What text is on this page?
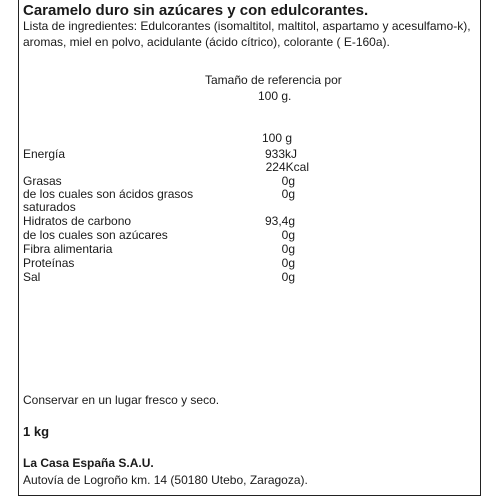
Caramelo duro sin azúcares y con edulcorantes.
Lista de ingredientes: Edulcorantes (isomaltitol, maltitol, aspartamo y acesulfamo-k), aromas, miel en polvo, acidulante (ácido cítrico), colorante ( E-160a).
Tamaño de referencia por
100 g.
100 g
Energía	933kJ
224Kcal
Grasas	0g
de los cuales son ácidos grasos	0g
saturados
Hidratos de carbono	93,4g
de los cuales son azúcares	0g
Fibra alimentaria	0g
Proteínas	0g
Sal	0g
Conservar en un lugar fresco y seco.
1 kg
La Casa España S.A.U.
Autovía de Logroño km. 14 (50180 Utebo, Zaragoza).
